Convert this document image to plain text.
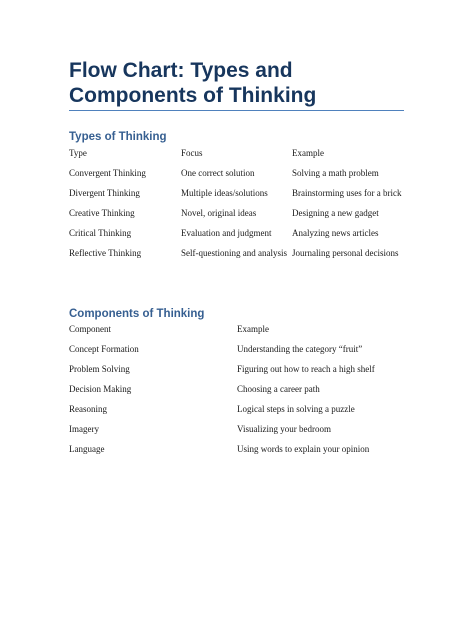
Flow Chart: Types and Components of Thinking
Types of Thinking
Type	Focus	Example
Convergent Thinking	One correct solution	Solving a math problem
Divergent Thinking	Multiple ideas/solutions	Brainstorming uses for a brick
Creative Thinking	Novel, original ideas	Designing a new gadget
Critical Thinking	Evaluation and judgment	Analyzing news articles
Reflective Thinking	Self-questioning and analysis	Journaling personal decisions
Components of Thinking
Component	Example
Concept Formation	Understanding the category “fruit”
Problem Solving	Figuring out how to reach a high shelf
Decision Making	Choosing a career path
Reasoning	Logical steps in solving a puzzle
Imagery	Visualizing your bedroom
Language	Using words to explain your opinion
